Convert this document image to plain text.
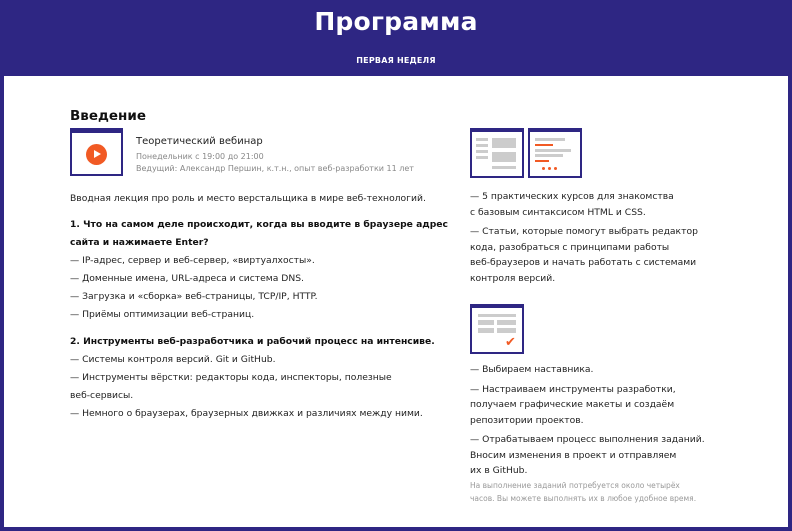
Программа
ПЕРВАЯ НЕДЕЛЯ
Введение
Теоретический вебинар
Понедельник с 19:00 до 21:00
Ведущий: Александр Першин, к.т.н., опыт веб-разработки 11 лет
Вводная лекция про роль и место верстальщика в мире веб-технологий.
1. Что на самом деле происходит, когда вы вводите в браузере адрес
сайта и нажимаете Enter?
— IP-адрес, сервер и веб-сервер, «виртуалхосты».
— Доменные имена, URL-адреса и система DNS.
— Загрузка и «сборка» веб-страницы, TCP/IP, HTTP.
— Приёмы оптимизации веб-страниц.
2. Инструменты веб-разработчика и рабочий процесс на интенсиве.
— Системы контроля версий. Git и GitHub.
— Инструменты вёрстки: редакторы кода, инспекторы, полезные
веб-сервисы.
— Немного о браузерах, браузерных движках и различиях между ними.
— 5 практических курсов для знакомства
с базовым синтаксисом HTML и CSS.
— Статьи, которые помогут выбрать редактор
кода, разобраться с принципами работы
веб-браузеров и начать работать с системами
контроля версий.
✔
— Выбираем наставника.
— Настраиваем инструменты разработки,
получаем графические макеты и создаём
репозитории проектов.
— Отрабатываем процесс выполнения заданий.
Вносим изменения в проект и отправляем
их в GitHub.
На выполнение заданий потребуется около четырёх
часов. Вы можете выполнять их в любое удобное время.
